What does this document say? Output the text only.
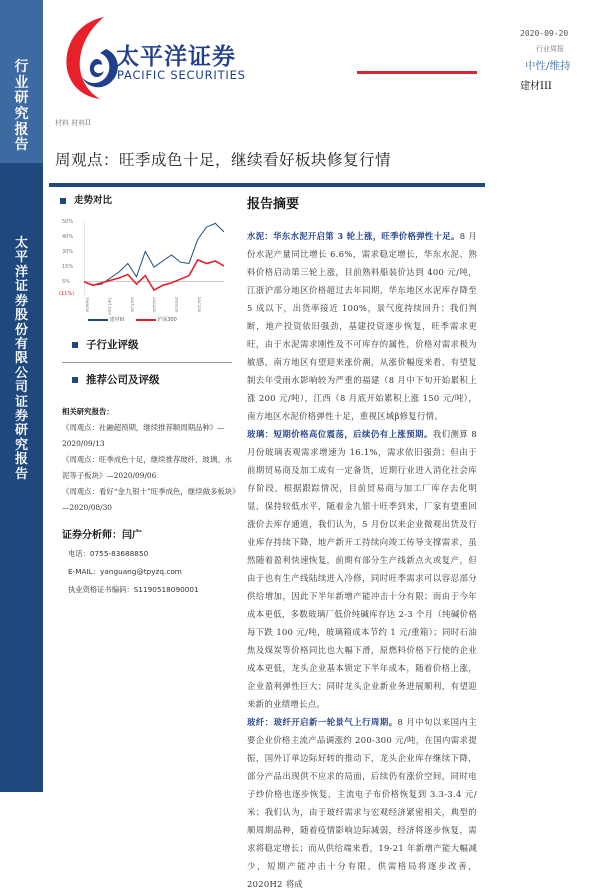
行
业
研
究
报
告
太
平
洋
证
券
股
份
有
限
公
司
证
券
研
究
报
告
太平洋证券
PACIFIC SECURITIES
2020-09-20
行业周报
中性/维持
建材III
材料 材料II
周观点：旺季成色十足，继续看好板块修复行情
走势对比
50%
40%
30%
15%
5%
(11%)
19/9/20	19/11/20	20/1/20	20/3/20	20/5/20	20/7/20
建材III	沪深300
子行业评级
推荐公司及评级
相关研究报告：
《周观点：社融超预期，继续推荐顺周期品种》—2020/09/13
《周观点：旺季成色十足，继续推荐玻纤、玻璃、水泥等子板块》—2020/09/06
《周观点：看好“金九银十”旺季成色，继续做多板块》—2020/08/30
证券分析师：闫广
电话：0755-83688850
E-MAIL：yanguang@tpyzq.com
执业资格证书编码：S1190518090001
报告摘要

水泥：华东水泥开启第 3 轮上涨，旺季价格弹性十足。8 月份水泥产量同比增长 6.6%，需求稳定增长，华东水泥、熟料价格启动第三轮上涨，目前熟料船装价达到 400 元/吨，江浙沪部分地区价格超过去年同期，华东地区水泥库存降至 5 成以下，出货率接近 100%，景气度持续回升；我们判断，地产投资依旧强劲，基建投资逐步恢复，旺季需求更旺，由于水泥需求刚性及不可库存的属性，价格对需求极为敏感，南方地区有望迎来涨价潮，从涨价幅度来看，有望复制去年受雨水影响较为严重的福建（8 月中下旬开始累积上涨 200 元/吨），江西（8 月底开始累积上涨 150 元/吨），南方地区水泥价格弹性十足，重视区域β修复行情。

玻璃：短期价格高位震荡，后续仍有上涨预期。我们测算 8 月份玻璃表观需求增速为 16.1%，需求依旧强劲；但由于前期贸易商及加工成有一定备货，近期行业进入消化社会库存阶段，根据跟踪情况，目前贸易商与加工厂库存去化明显，保持较低水平，随着金九银十旺季到来，厂家有望重回涨价去库存通道，我们认为，5 月份以来企业微观出货及行业库存持续下降，地产新开工持续向竣工传导支撑需求，虽然随着盈利快速恢复，前期有部分生产线新点火或复产，但由于也有生产线陆续进入冷修，同时旺季需求可以容忍部分供给增加，因此下半年新增产能冲击十分有限；而由于今年成本更低，多数玻璃厂低价纯碱库存达 2-3 个月（纯碱价格每下跌 100 元/吨，玻璃箱成本节约 1 元/重箱）；同时石油焦及煤炭等价格同比也大幅下滑，原燃料价格下行使的企业成本更低，龙头企业基本锁定下半年成本，随着价格上涨，企业盈利弹性巨大；同时龙头企业新业务进展顺利，有望迎来新的业绩增长点。

玻纤：玻纤开启新一轮景气上行周期。8 月中旬以来国内主要企业价格主流产品调涨约 200-300 元/吨，在国内需求提振，国外订单边际好转的推动下，龙头企业库存继续下降，部分产品出现供不应求的局面，后续仍有涨价空间，同时电子纱价格也逐步恢复，主流电子布价格恢复到 3.3-3.4 元/米；我们认为，由于玻纤需求与宏观经济紧密相关，典型的顺周期品种，随着疫情影响边际减弱，经济将逐步恢复，需求将稳定增长；而从供给端来看，19-21 年新增产能大幅减少，短期产能冲击十分有限，供需格局将逐步改善，2020H2 将成
